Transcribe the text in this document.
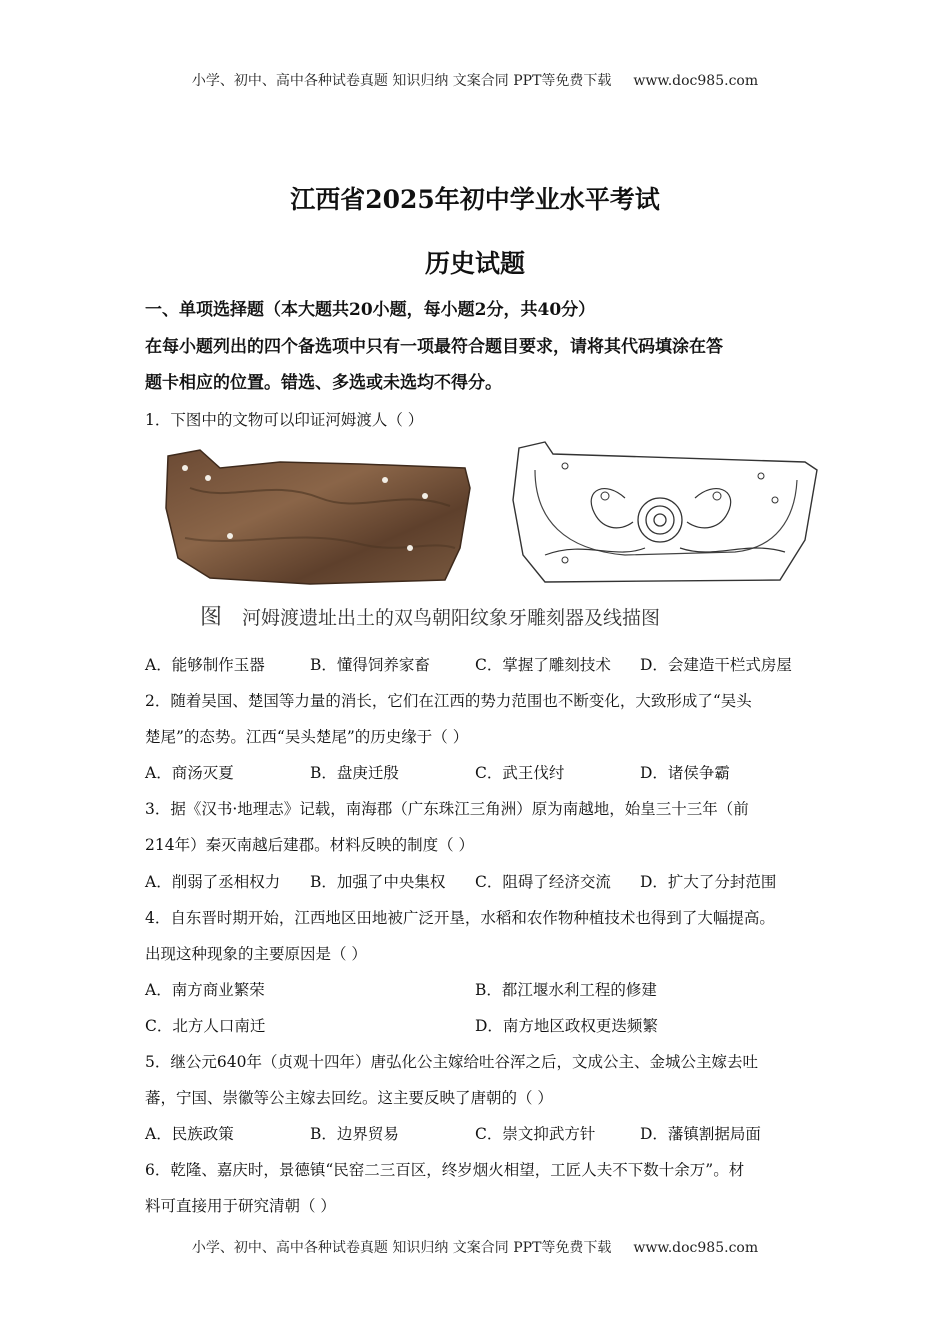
小学、初中、高中各种试卷真题 知识归纳 文案合同 PPT等免费下载 www.doc985.com
江西省2025年初中学业水平考试
历史试题
一、单项选择题（本大题共20小题，每小题2分，共40分）
在每小题列出的四个备选项中只有一项最符合题目要求，请将其代码填涂在答
题卡相应的位置。错选、多选或未选均不得分。
1．下图中的文物可以印证河姆渡人（ ）
图 河姆渡遗址出土的双鸟朝阳纹象牙雕刻器及线描图
A．能够制作玉器	B．懂得饲养家畜	C．掌握了雕刻技术 D．会建造干栏式房屋
2．随着吴国、楚国等力量的消长，它们在江西的势力范围也不断变化，大致形成了“吴头
楚尾”的态势。江西“吴头楚尾”的历史缘于（ ）
A．商汤灭夏	B．盘庚迁殷	C．武王伐纣	D．诸侯争霸
3．据《汉书·地理志》记载，南海郡（广东珠江三角洲）原为南越地，始皇三十三年（前
214年）秦灭南越后建郡。材料反映的制度（ ）
A．削弱了丞相权力 B．加强了中央集权 C．阻碍了经济交流 D．扩大了分封范围
4．自东晋时期开始，江西地区田地被广泛开垦，水稻和农作物种植技术也得到了大幅提高。
出现这种现象的主要原因是（ ）
A．南方商业繁荣	B．都江堰水利工程的修建
C．北方人口南迁	D．南方地区政权更迭频繁
5．继公元640年（贞观十四年）唐弘化公主嫁给吐谷浑之后，文成公主、金城公主嫁去吐
蕃，宁国、崇徽等公主嫁去回纥。这主要反映了唐朝的（ ）
A．民族政策	B．边界贸易	C．崇文抑武方针	D．藩镇割据局面
6．乾隆、嘉庆时，景德镇“民窑二三百区，终岁烟火相望，工匠人夫不下数十余万”。材
料可直接用于研究清朝（ ）
小学、初中、高中各种试卷真题 知识归纳 文案合同 PPT等免费下载 www.doc985.com
